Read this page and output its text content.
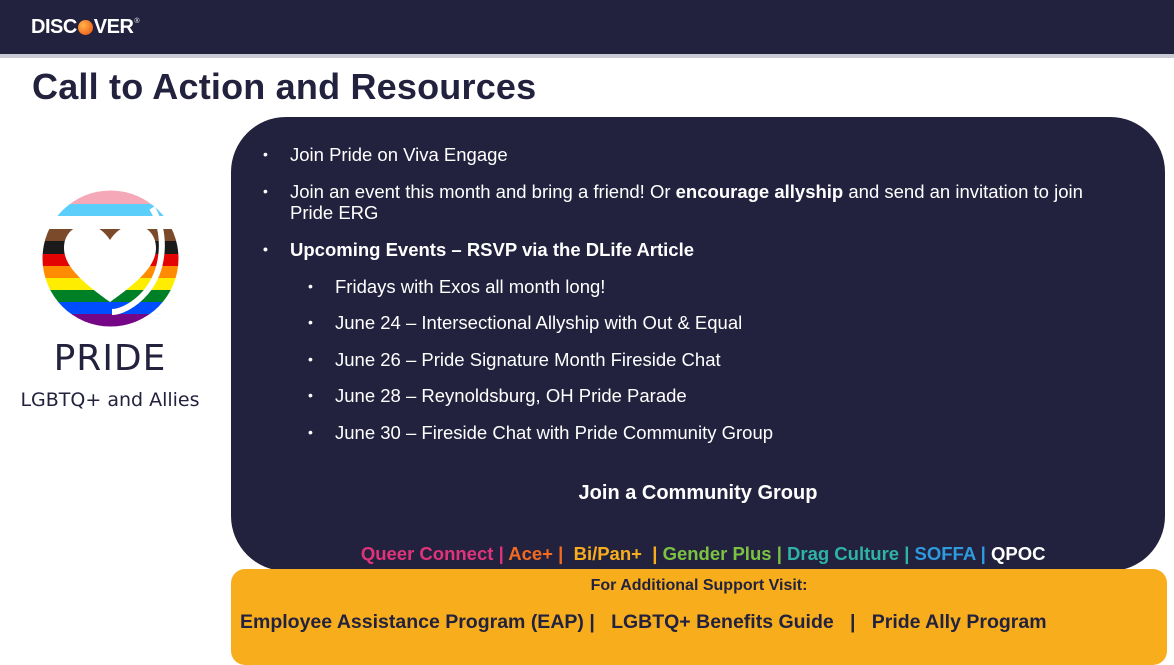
DISC VER ®
Call to Action and Resources
PRIDE
LGBTQ+ and Allies
•	Join Pride on Viva Engage
•	Join an event this month and bring a friend! Or encourage allyship and send an invitation to join Pride ERG
•	Upcoming Events – RSVP via the DLife Article
•	Fridays with Exos all month long!
•	June 24 – Intersectional Allyship with Out & Equal
•	June 26 – Pride Signature Month Fireside Chat
•	June 28 – Reynoldsburg, OH Pride Parade
•	June 30 – Fireside Chat with Pride Community Group
Join a Community Group

Queer Connect | Ace+ | Bi/Pan+ | Gender Plus | Drag Culture | SOFFA | QPOC

For Additional Support Visit:
Employee Assistance Program (EAP) | LGBTQ+ Benefits Guide | Pride Ally Program
